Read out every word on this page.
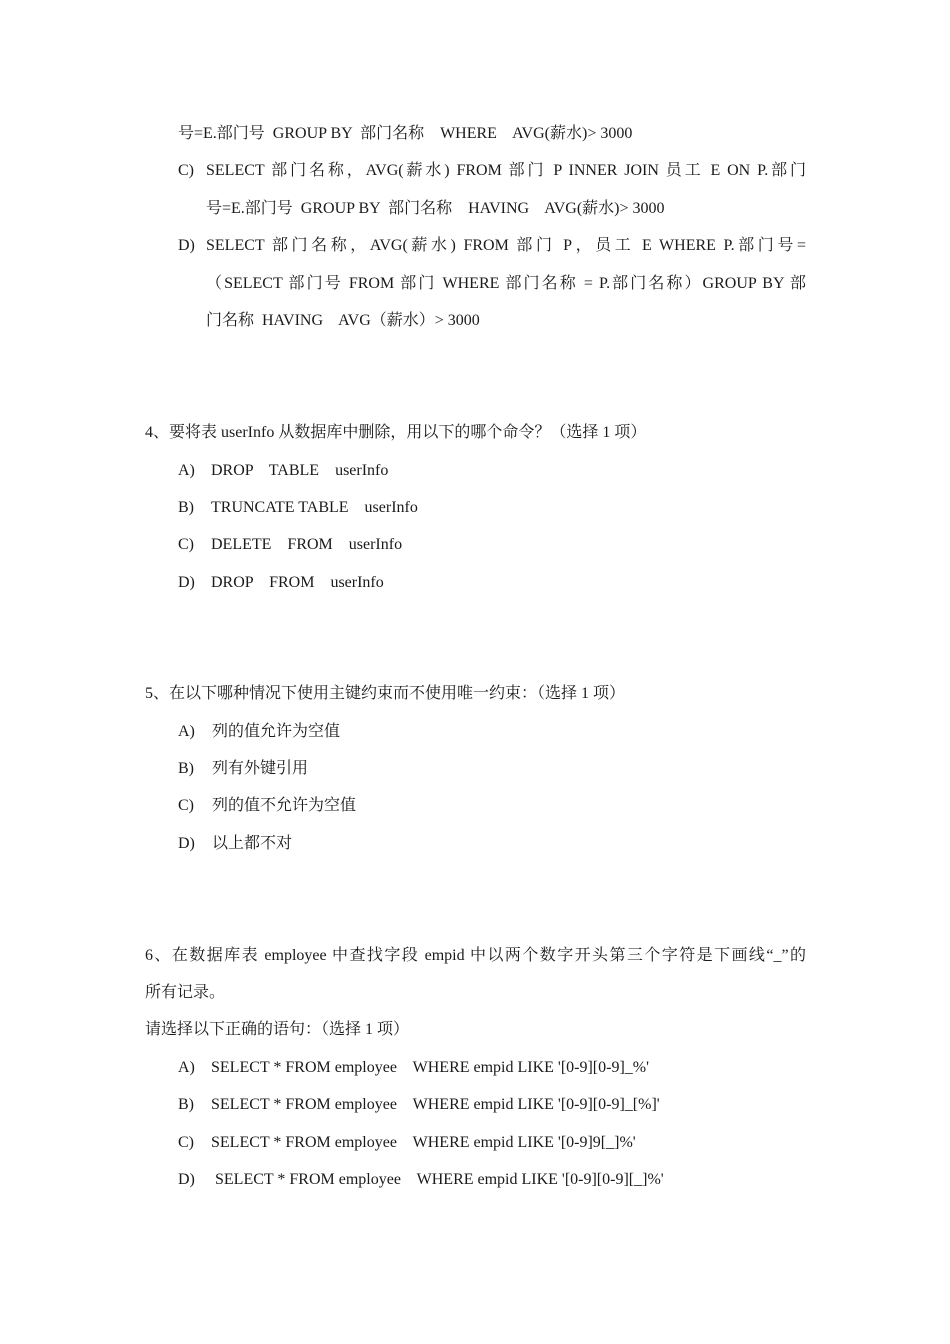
号=E.部门号  GROUP BY  部门名称    WHERE    AVG(薪水)> 3000
C) SELECT 部门名称，AVG(薪水) FROM 部门 P INNER JOIN 员工 E ON P.部门
号=E.部门号  GROUP BY  部门名称    HAVING    AVG(薪水)> 3000
D) SELECT 部门名称，AVG(薪水) FROM 部门 P，员工 E WHERE P.部门号=
（SELECT 部门号 FROM 部门 WHERE 部门名称 = P.部门名称）GROUP BY 部
门名称  HAVING    AVG（薪水）> 3000
4、要将表 userInfo 从数据库中删除，用以下的哪个命令？（选择 1 项）
A) DROP    TABLE    userInfo
B) TRUNCATE TABLE    userInfo
C) DELETE    FROM    userInfo
D) DROP    FROM    userInfo
5、在以下哪种情况下使用主键约束而不使用唯一约束：（选择 1 项）
A) 列的值允许为空值
B) 列有外键引用
C) 列的值不允许为空值
D) 以上都不对
6、在数据库表 employee 中查找字段 empid 中以两个数字开头第三个字符是下画线“_”的
所有记录。
请选择以下正确的语句：（选择 1 项）
A) SELECT * FROM employee    WHERE empid LIKE '[0-9][0-9]_%'
B) SELECT * FROM employee    WHERE empid LIKE '[0-9][0-9]_[%]'
C) SELECT * FROM employee    WHERE empid LIKE '[0-9]9[_]%'
D) SELECT * FROM employee    WHERE empid LIKE '[0-9][0-9][_]%'
